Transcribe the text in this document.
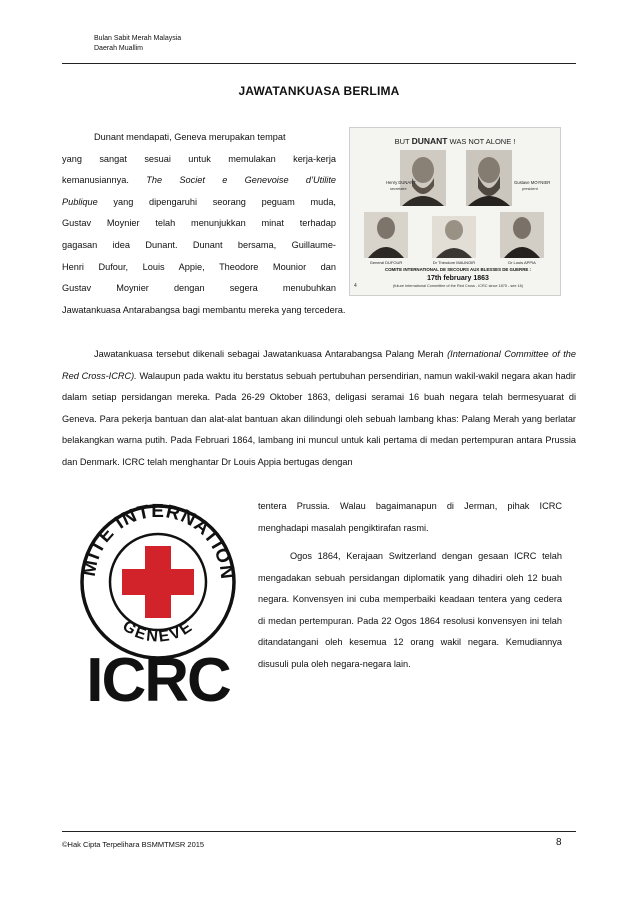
Bulan Sabit Merah Malaysia
Daerah Muallim
JAWATANKUASA BERLIMA

Dunant mendapati, Geneva merupakan tempat

yang sangat sesuai untuk memulakan kerja-kerja

kemanusiannya. The Societ e Genevoise d’Utilite

Publique yang dipengaruhi seorang peguam muda,

Gustav Moynier telah menunjukkan minat terhadap

gagasan idea Dunant. Dunant bersama, Guillaume-

Henri Dufour, Louis Appie, Theodore Mounior dan

Gustav Moynier dengan segera menubuhkan

Jawatankuasa Antarabangsa bagi membantu mereka yang tercedera.

BUT DUNANT WAS NOT ALONE !
Henry DUNANT
secretaire
Gustave MOYNIER
president
General DUFOUR	Dr Théodore MAUNOIR	Dr Louis APPIA
COMITE INTERNATIONAL DE SECOURS AUX BLESSES DE GUERRE :
17th february 1863
(future International Committee of the Red Cross - ICRC since 1875 - see 16)
4

Jawatankuasa tersebut dikenali sebagai Jawatankuasa Antarabangsa Palang Merah (International Committee of the Red Cross-ICRC). Walaupun pada waktu itu berstatus sebuah pertubuhan persendirian, namun wakil-wakil negara akan hadir dalam setiap persidangan mereka. Pada 26-29 Oktober 1863, deligasi seramai 16 buah negara telah bermesyuarat di Geneva. Para pekerja bantuan dan alat-alat bantuan akan dilindungi oleh sebuah lambang khas: Palang Merah yang berlatar belakangkan warna putih. Pada Februari 1864, lambang ini muncul untuk kali pertama di medan pertempuran antara Prussia dan Denmark. ICRC telah menghantar Dr Louis Appia bertugas dengan

MITE INTERNATION
GENEVE
ICRC

tentera Prussia. Walau bagaimanapun di Jerman, pihak ICRC menghadapi masalah pengiktirafan rasmi.

Ogos 1864, Kerajaan Switzerland dengan gesaan ICRC telah mengadakan sebuah persidangan diplomatik yang dihadiri oleh 12 buah negara. Konvensyen ini cuba memperbaiki keadaan tentera yang cedera di medan pertempuran. Pada 22 Ogos 1864 resolusi konvensyen ini telah ditandatangani oleh kesemua 12 orang wakil negara. Kemudiannya disusuli pula oleh negara-negara lain.

©Hak Cipta Terpelihara BSMMTMSR 2015	8
